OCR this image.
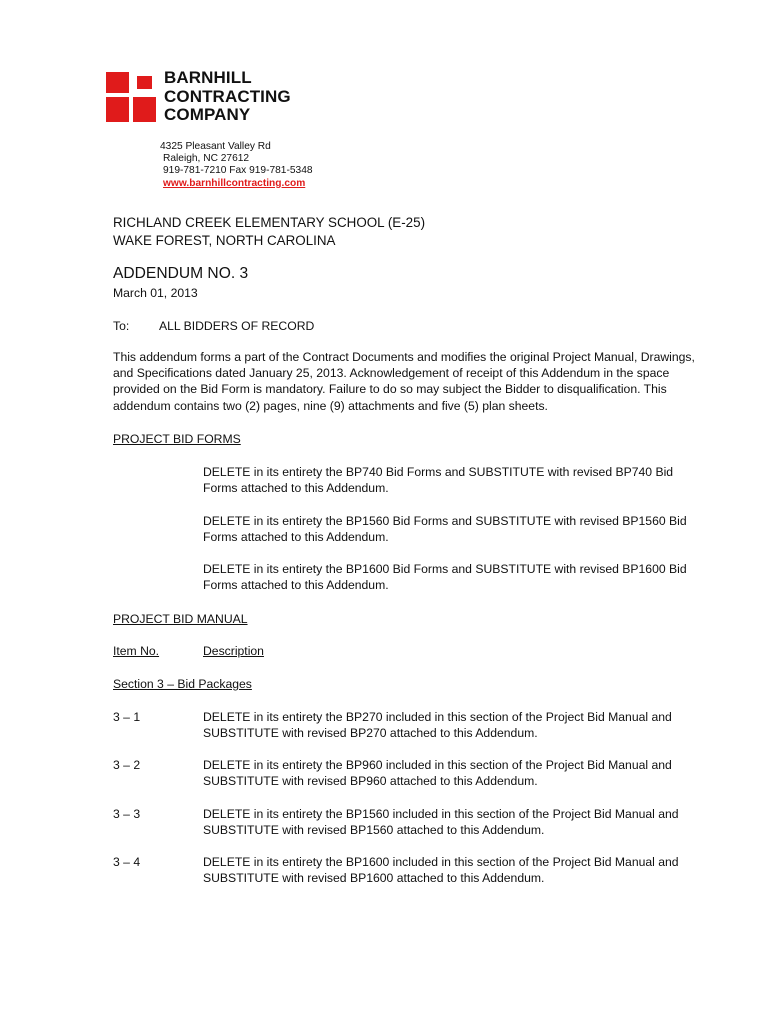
BARNHILL
CONTRACTING
COMPANY
4325 Pleasant Valley Rd
Raleigh, NC 27612
919-781-7210 Fax 919-781-5348
www.barnhillcontracting.com
RICHLAND CREEK ELEMENTARY SCHOOL (E-25)
WAKE FOREST, NORTH CAROLINA
ADDENDUM NO. 3
March 01, 2013
To: ALL BIDDERS OF RECORD
This addendum forms a part of the Contract Documents and modifies the original Project Manual, Drawings,
and Specifications dated January 25, 2013. Acknowledgement of receipt of this Addendum in the space
provided on the Bid Form is mandatory. Failure to do so may subject the Bidder to disqualification. This
addendum contains two (2) pages, nine (9) attachments and five (5) plan sheets.
PROJECT BID FORMS
DELETE in its entirety the BP740 Bid Forms and SUBSTITUTE with revised BP740 Bid
Forms attached to this Addendum.
DELETE in its entirety the BP1560 Bid Forms and SUBSTITUTE with revised BP1560 Bid
Forms attached to this Addendum.
DELETE in its entirety the BP1600 Bid Forms and SUBSTITUTE with revised BP1600 Bid
Forms attached to this Addendum.
PROJECT BID MANUAL
Item No.	Description
Section 3 – Bid Packages
3 – 1	DELETE in its entirety the BP270 included in this section of the Project Bid Manual and
SUBSTITUTE with revised BP270 attached to this Addendum.
3 – 2	DELETE in its entirety the BP960 included in this section of the Project Bid Manual and
SUBSTITUTE with revised BP960 attached to this Addendum.
3 – 3	DELETE in its entirety the BP1560 included in this section of the Project Bid Manual and
SUBSTITUTE with revised BP1560 attached to this Addendum.
3 – 4	DELETE in its entirety the BP1600 included in this section of the Project Bid Manual and
SUBSTITUTE with revised BP1600 attached to this Addendum.
